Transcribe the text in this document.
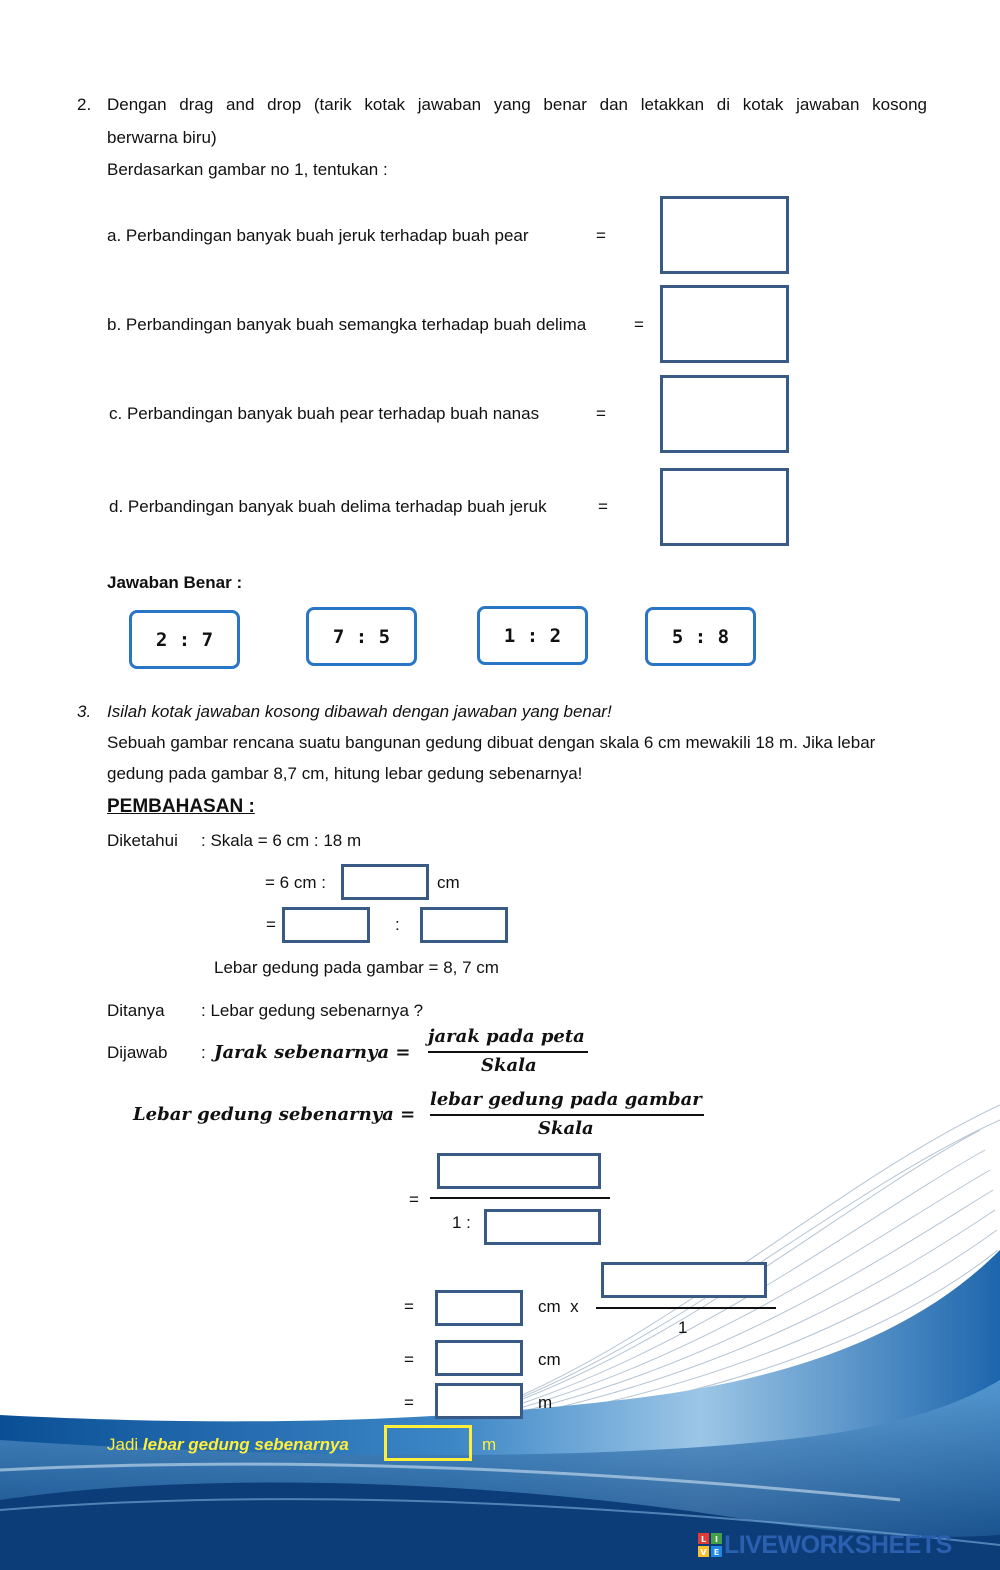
2. Dengan drag and drop (tarik kotak jawaban yang benar dan letakkan di kotak jawaban kosong
berwarna biru)
Berdasarkan gambar no 1, tentukan :
a. Perbandingan banyak buah jeruk terhadap buah pear	=
b. Perbandingan banyak buah semangka terhadap buah delima	=
c. Perbandingan banyak buah pear terhadap buah nanas	=
d. Perbandingan banyak buah delima terhadap buah jeruk	=
Jawaban Benar :
2 : 7	7 : 5	1 : 2	5 : 8
3. Isilah kotak jawaban kosong dibawah dengan jawaban yang benar!
Sebuah gambar rencana suatu bangunan gedung dibuat dengan skala 6 cm mewakili 18 m. Jika lebar
gedung pada gambar 8,7 cm, hitung lebar gedung sebenarnya!
PEMBAHASAN :
Diketahui : Skala = 6 cm : 18 m
= 6 cm :	cm
=	:
Lebar gedung pada gambar = 8, 7 cm
Ditanya : Lebar gedung sebenarnya ?
Dijawab : Jarak sebenarnya =
jarak pada peta
Skala
Lebar gedung sebenarnya =
lebar gedung pada gambar
Skala
=
1 :
=	cm  x
1
=	cm
=	m
Jadi lebar gedung sebenarnya	m
L I
V E LIVEWORKSHEETS
